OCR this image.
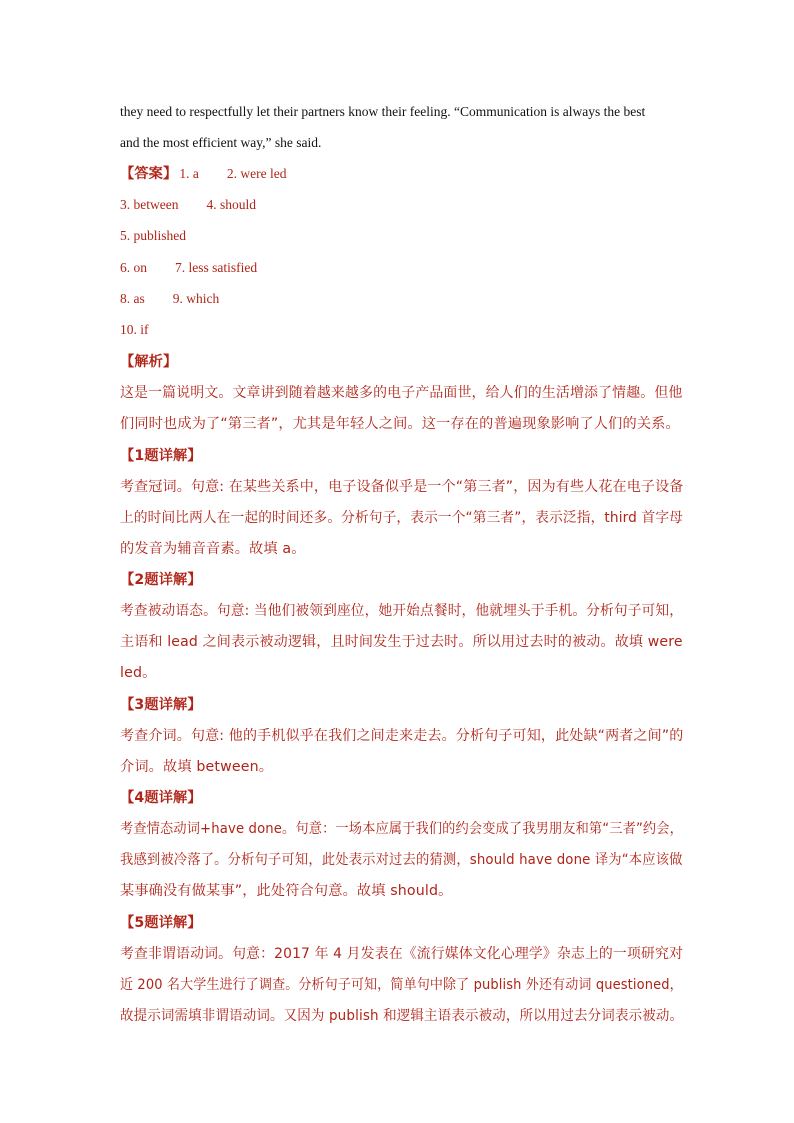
they need to respectfully let their partners know their feeling. “Communication is always the best
and the most efficient way,” she said.
【答案】 1. a 2. were led
3. between 4. should
5. published
6. on 7. less satisfied
8. as 9. which
10. if
【解析】
这是一篇说明文。文章讲到随着越来越多的电子产品面世，给人们的生活增添了情趣。但他
们同时也成为了“第三者”，尤其是年轻人之间。这一存在的普遍现象影响了人们的关系。
【1题详解】
考查冠词。句意: 在某些关系中，电子设备似乎是一个“第三者”，因为有些人花在电子设备
上的时间比两人在一起的时间还多。分析句子，表示一个“第三者”，表示泛指，third 首字母
的发音为辅音音素。故填 a。
【2题详解】
考查被动语态。句意: 当他们被领到座位，她开始点餐时，他就埋头于手机。分析句子可知，
主语和 lead 之间表示被动逻辑，且时间发生于过去时。所以用过去时的被动。故填 were
led。
【3题详解】
考查介词。句意: 他的手机似乎在我们之间走来走去。分析句子可知，此处缺“两者之间”的
介词。故填 between。
【4题详解】
考查情态动词+have done。句意：一场本应属于我们的约会变成了我男朋友和第“三者”约会，
我感到被冷落了。分析句子可知，此处表示对过去的猜测，should have done 译为“本应该做
某事确没有做某事”，此处符合句意。故填 should。
【5题详解】
考查非谓语动词。句意：2017 年 4 月发表在《流行媒体文化心理学》杂志上的一项研究对
近 200 名大学生进行了调查。分析句子可知，简单句中除了 publish 外还有动词 questioned，
故提示词需填非谓语动词。又因为 publish 和逻辑主语表示被动，所以用过去分词表示被动。
